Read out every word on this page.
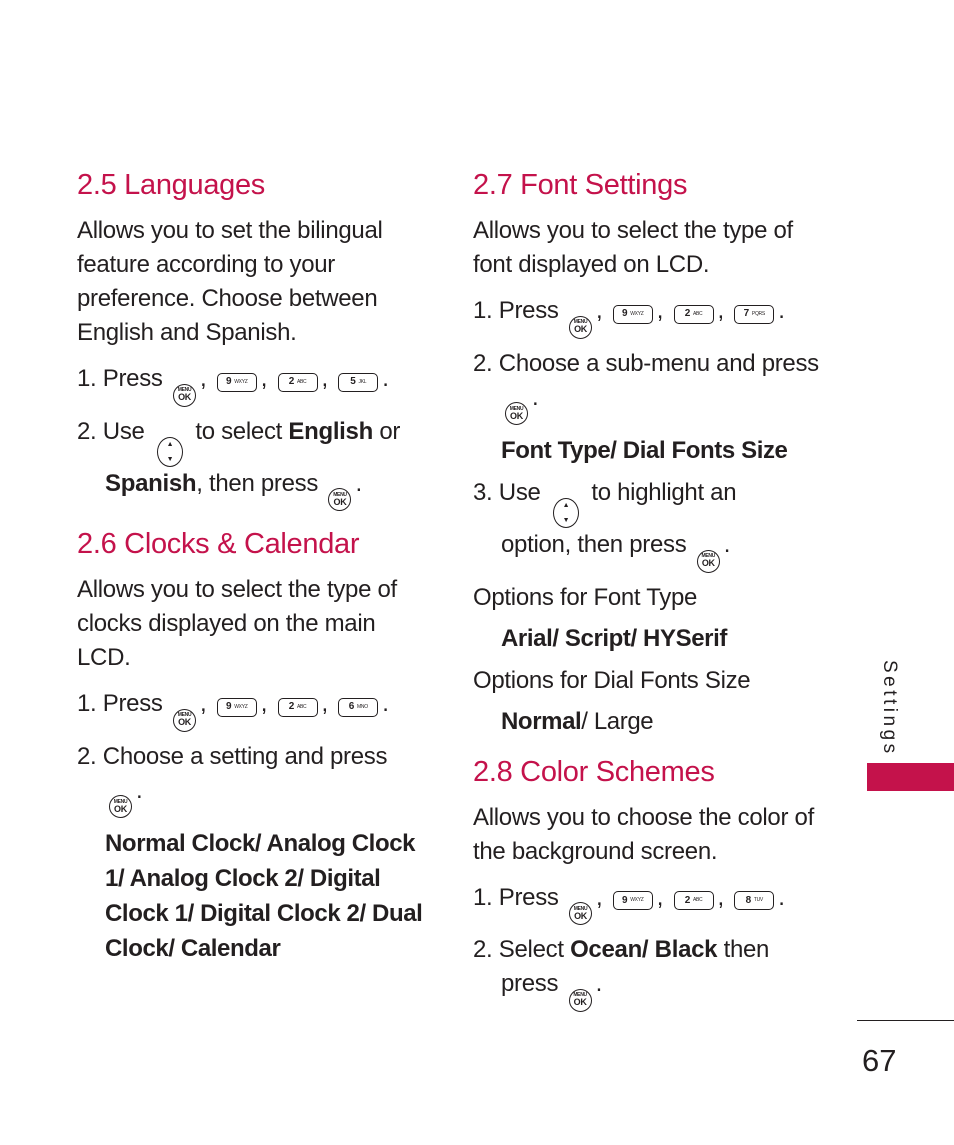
2.5 Languages
Allows you to set the bilingual feature according to your preference. Choose between English and Spanish.
1. Press	MENU
OK
, 9 WXYZ , 2 ABC , 5 JKL .
2. Use	▲
▼
to select English or
Spanish, then press	MENU
OK
.
2.6 Clocks & Calendar
Allows you to select the type of clocks displayed on the main LCD.
1. Press	MENU
OK
, 9 WXYZ , 2 ABC , 6 MNO .
2. Choose a setting and press
MENU
OK
.
Normal Clock/ Analog Clock 1/ Analog Clock 2/ Digital Clock 1/ Digital Clock 2/ Dual Clock/ Calendar
2.7 Font Settings
Allows you to select the type of font displayed on LCD.
1. Press	MENU
OK
, 9 WXYZ , 2 ABC , 7 PQRS .
2. Choose a sub-menu and press
MENU
OK
.
Font Type/ Dial Fonts Size
3. Use	▲
▼
to highlight an
option, then press	MENU
OK
.
Options for Font Type
Arial/ Script/ HYSerif
Options for Dial Fonts Size
Normal/ Large
2.8 Color Schemes
Allows you to choose the color of the background screen.
1. Press	MENU
OK
, 9 WXYZ , 2 ABC , 8 TUV .
2. Select Ocean/ Black then
press	MENU
OK
.
Settings
67
